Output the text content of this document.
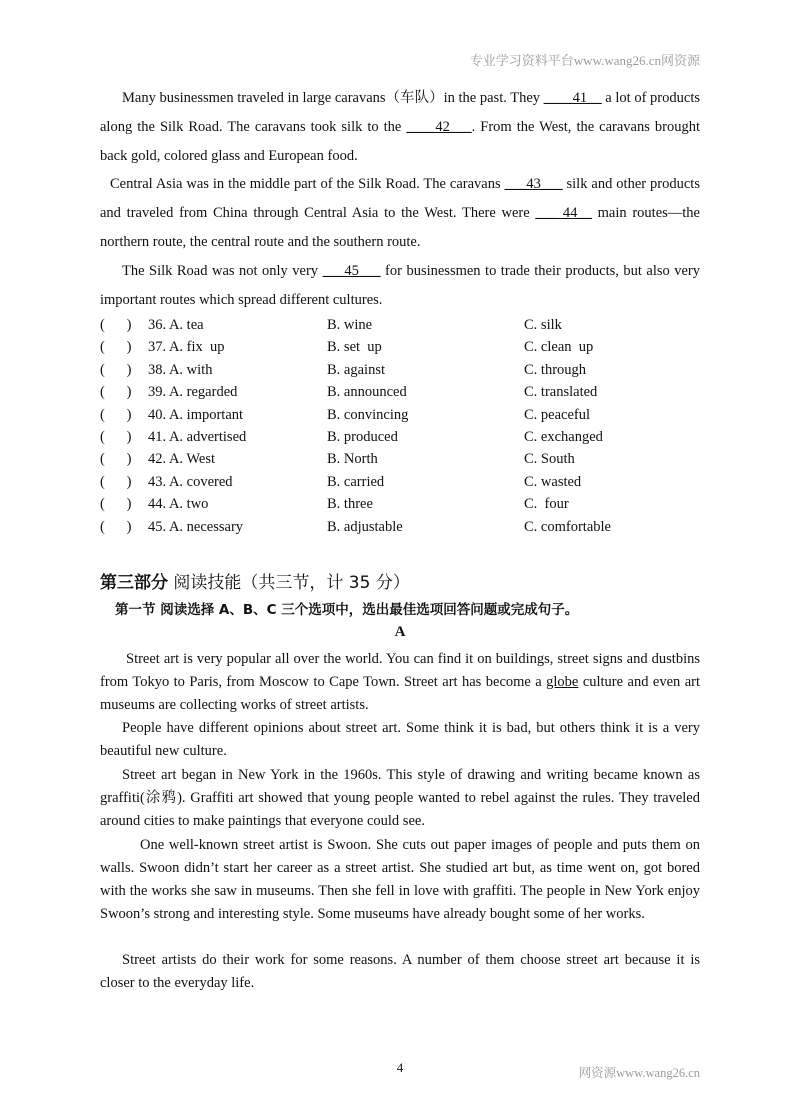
专业学习资料平台www.wang26.cn网资源
Many businessmen traveled in large caravans（车队）in the past. They ____41__ a lot of products along the Silk Road. The caravans took silk to the ____42___. From the West, the caravans brought back gold, colored glass and European food.
Central Asia was in the middle part of the Silk Road. The caravans ___43___ silk and other products and traveled from China through Central Asia to the West. There were ___ 44__ main routes—the northern route, the central route and the southern route.
The Silk Road was not only very ___45___ for businessmen to trade their products, but also very important routes which spread different cultures.
(      ) 36. A. tea	B. wine	C. silk
(      ) 37. A. fix  up	B. set  up	C. clean  up
(      ) 38. A. with	B. against	C. through
(      ) 39. A. regarded	B. announced	C. translated
(      ) 40. A. important	B. convincing	C. peaceful
(      ) 41. A. advertised	B. produced	C. exchanged
(      ) 42. A. West	B. North	C. South
(      ) 43. A. covered	B. carried	C. wasted
(      ) 44. A. two	B. three	C.  four
(      ) 45. A. necessary	B. adjustable	C. comfortable
第三部分 阅读技能（共三节，计 35 分）
第一节 阅读选择 A、B、C 三个选项中，选出最佳选项回答问题或完成句子。
A
Street art is very popular all over the world. You can find it on buildings, street signs and dustbins from Tokyo to Paris, from Moscow to Cape Town. Street art has become a globe culture and even art museums are collecting works of street artists.
People have different opinions about street art. Some think it is bad, but others think it is a very beautiful new culture.
Street art began in New York in the 1960s. This style of drawing and writing became known as graffiti(涂鸦). Graffiti art showed that young people wanted to rebel against the rules. They traveled around cities to make paintings that everyone could see.
One well-known street artist is Swoon. She cuts out paper images of people and puts them on walls. Swoon didn’t start her career as a street artist. She studied art but, as time went on, got bored with the works she saw in museums. Then she fell in love with graffiti. The people in New York enjoy Swoon’s strong and interesting style. Some museums have already bought some of her works.
Street artists do their work for some reasons. A number of them choose street art because it is closer to the everyday life.
4	网资源www.wang26.cn
